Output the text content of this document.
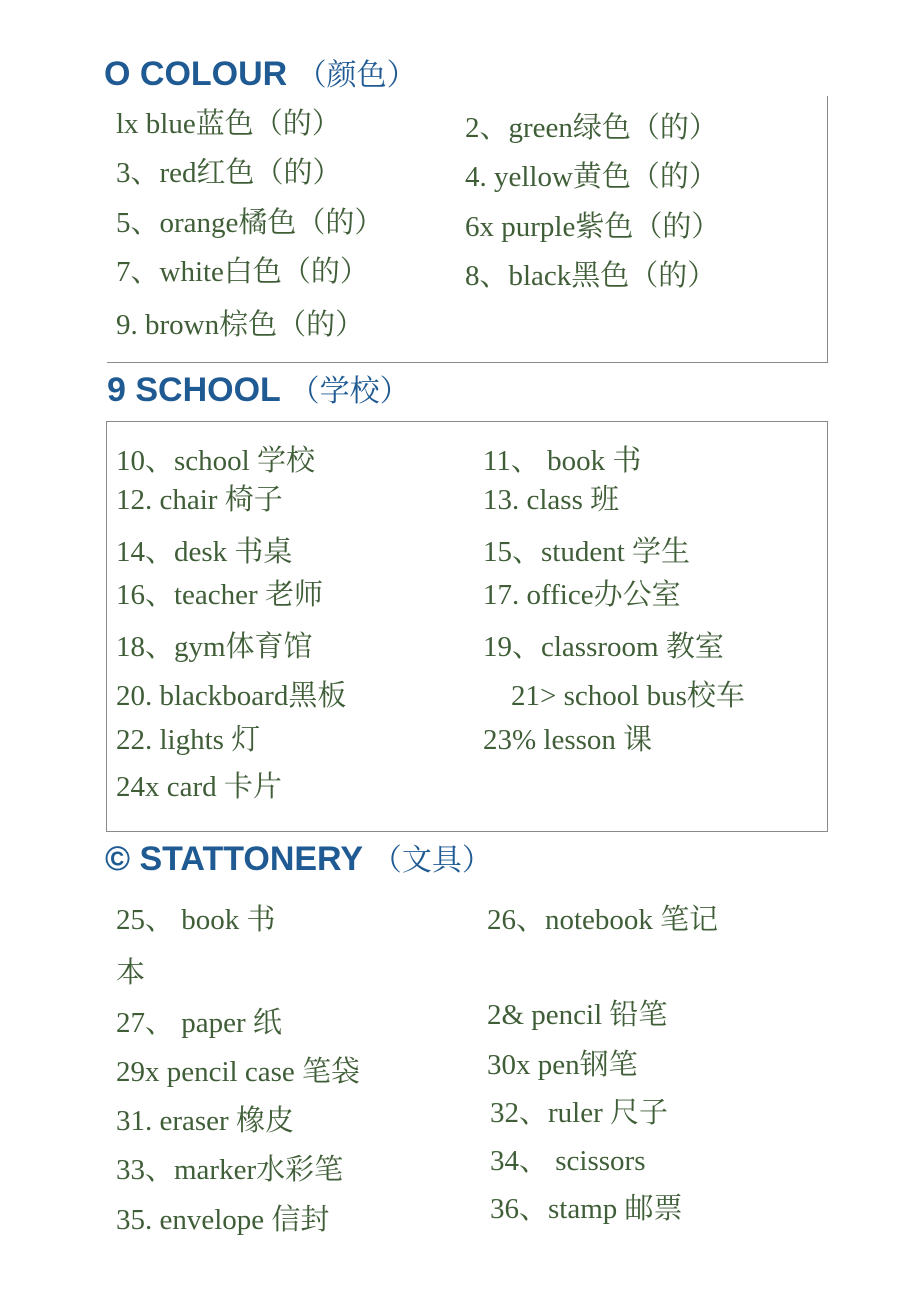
O COLOUR （颜色）
lx blue蓝色（的）	2、green绿色（的）
3、red红色（的）	4. yellow黄色（的）
5、orange橘色（的）	6x purple紫色（的）
7、white白色（的）	8、black黑色（的）
9. brown棕色（的）
9 SCHOOL （学校）
10、school 学校	11、 book 书
12. chair 椅子	13. class 班
14、desk 书桌	15、student 学生
16、teacher 老师	17. office办公室
18、gym体育馆	19、classroom 教室
20. blackboard黑板	21> school bus校车
22. lights 灯	23% lesson 课
24x card 卡片
© STATTONERY （文具）
25、 book 书	26、notebook 笔记
本
27、 paper 纸	2& pencil 铅笔
29x pencil case 笔袋	30x pen钢笔
31. eraser 橡皮	32、ruler 尺子
33、marker水彩笔	34、 scissors
35. envelope 信封	36、stamp 邮票
